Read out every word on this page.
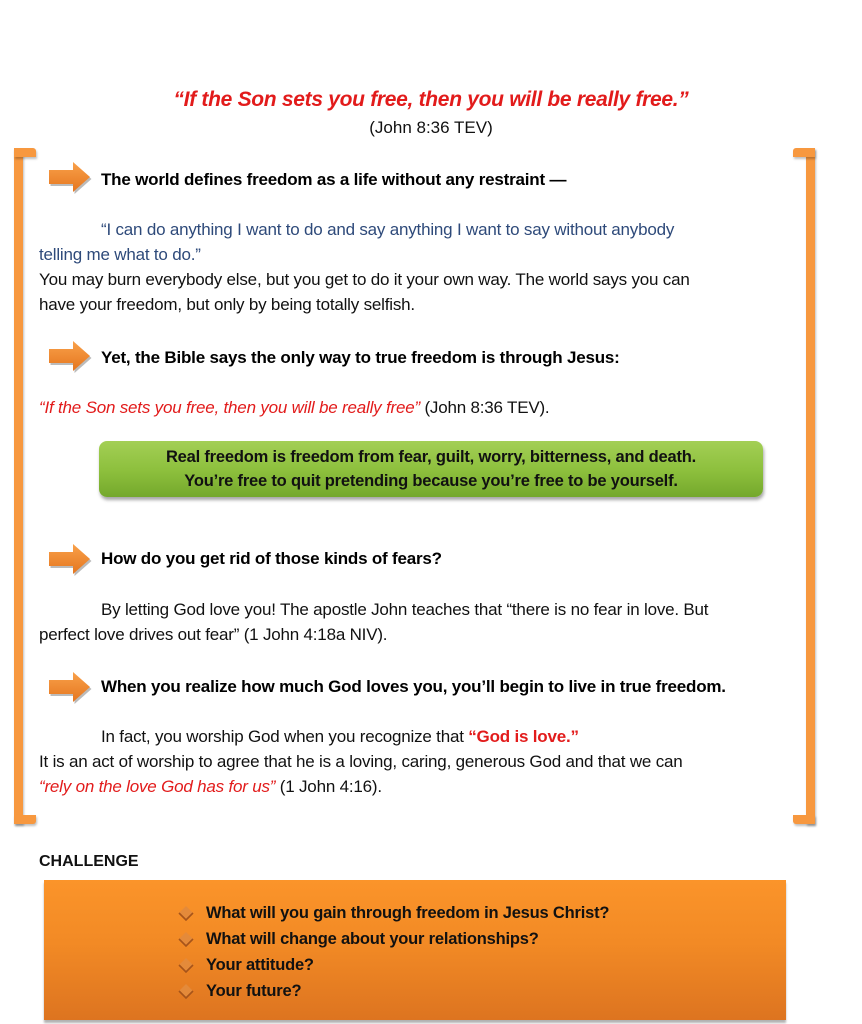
“If the Son sets you free, then you will be really free.”
(John 8:36 TEV)
The world defines freedom as a life without any restraint —
“I can do anything I want to do and say anything I want to say without anybody
telling me what to do.”
You may burn everybody else, but you get to do it your own way. The world says you can
have your freedom, but only by being totally selfish.
Yet, the Bible says the only way to true freedom is through Jesus:
“If the Son sets you free, then you will be really free” (John 8:36 TEV).
Real freedom is freedom from fear, guilt, worry, bitterness, and death.
You’re free to quit pretending because you’re free to be yourself.
How do you get rid of those kinds of fears?
By letting God love you! The apostle John teaches that “there is no fear in love. But
perfect love drives out fear” (1 John 4:18a NIV).
When you realize how much God loves you, you’ll begin to live in true freedom.
In fact, you worship God when you recognize that “God is love.”
It is an act of worship to agree that he is a loving, caring, generous God and that we can
“rely on the love God has for us” (1 John 4:16).
CHALLENGE
What will you gain through freedom in Jesus Christ?
What will change about your relationships?
Your attitude?
Your future?
